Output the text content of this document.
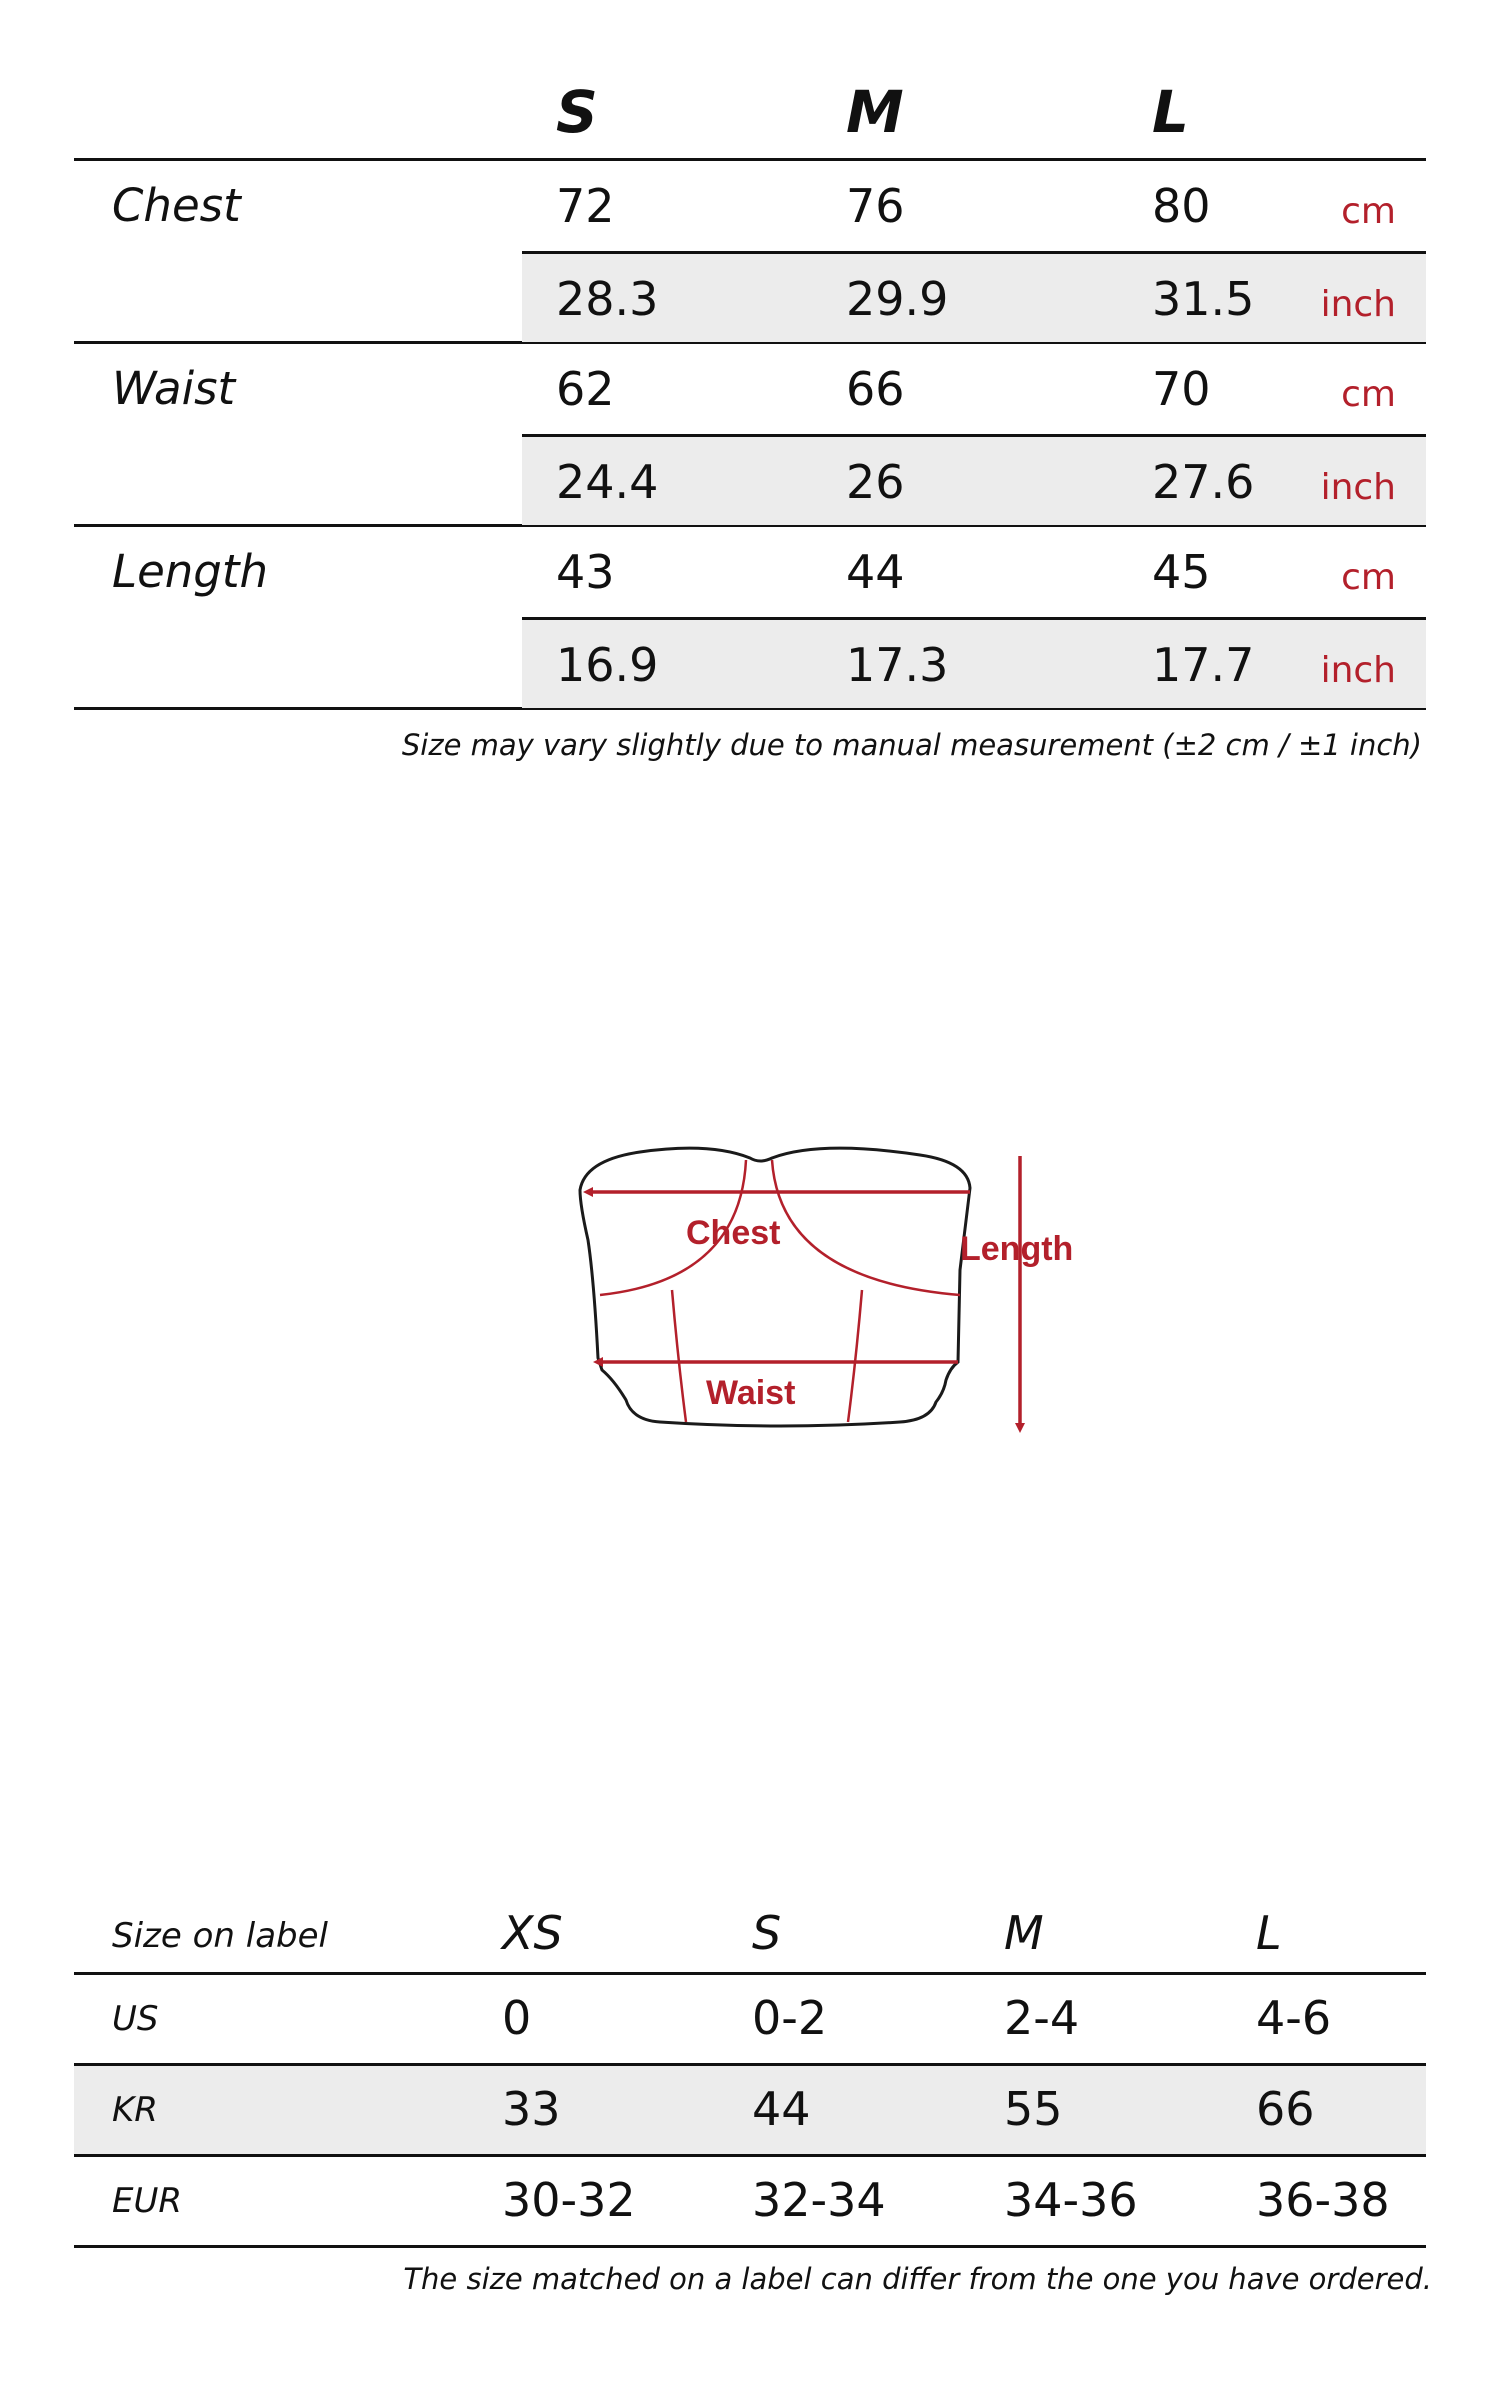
S	M	L
Chest	72	76	80	cm
28.3	29.9	31.5 inch
Waist	62	66	70	cm
24.4	26	27.6 inch
Length	43	44	45	cm
16.9	17.3	17.7 inch
Size may vary slightly due to manual measurement (±2 cm / ±1 inch)
Chest
Waist
Length
Size on label	XS	S	M	L
US	0	0-2	2-4	4-6
KR	33	44	55	66
EUR	30-32	32-34	34-36	36-38
The size matched on a label can differ from the one you have ordered.
